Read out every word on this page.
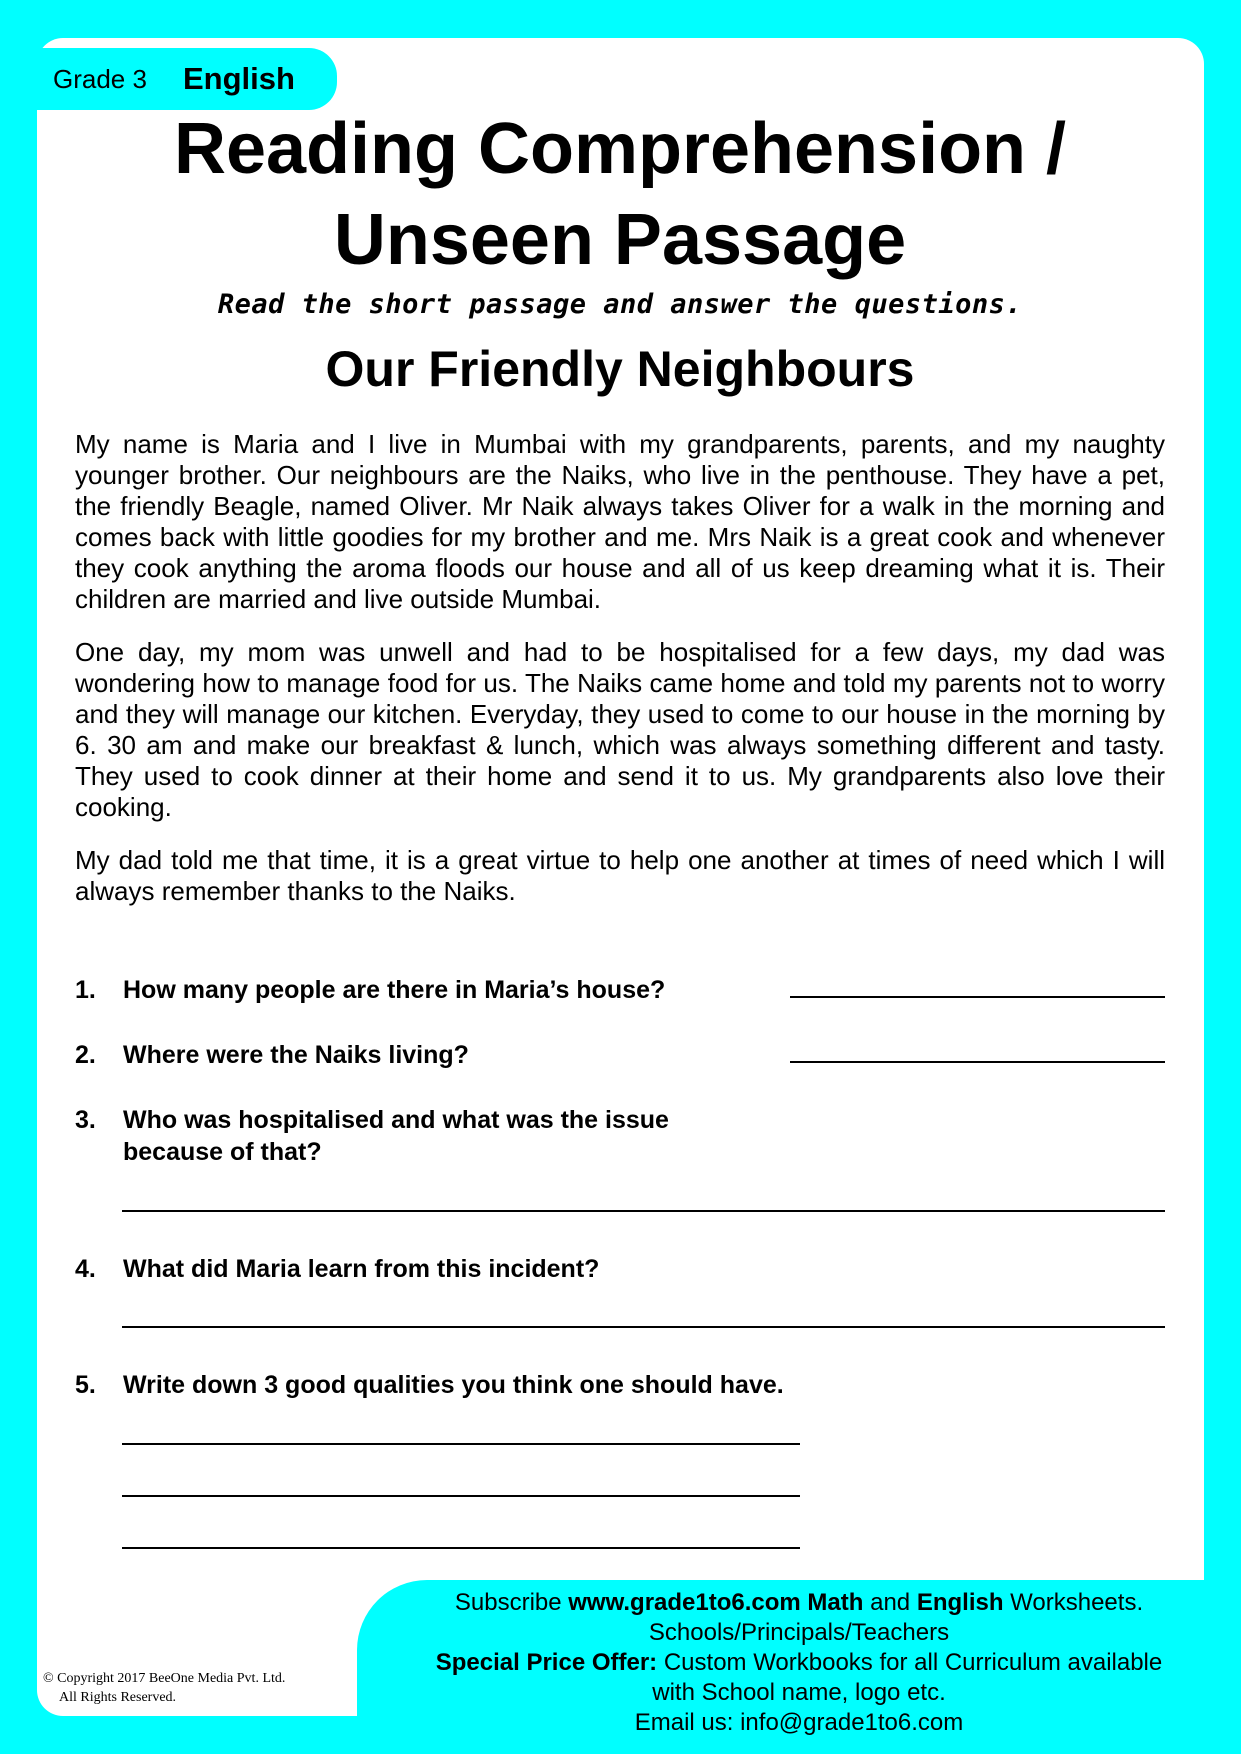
Grade 3 English
Reading Comprehension /
Unseen Passage
Read the short passage and answer the questions.
Our Friendly Neighbours

My name is Maria and I live in Mumbai with my grandparents, parents, and my naughty younger brother. Our neighbours are the Naiks, who live in the penthouse. They have a pet, the friendly Beagle, named Oliver. Mr Naik always takes Oliver for a walk in the morning and comes back with little goodies for my brother and me. Mrs Naik is a great cook and whenever they cook anything the aroma floods our house and all of us keep dreaming what it is. Their children are married and live outside Mumbai.

One day, my mom was unwell and had to be hospitalised for a few days, my dad was wondering how to manage food for us. The Naiks came home and told my parents not to worry and they will manage our kitchen. Everyday, they used to come to our house in the morning by 6. 30 am and make our breakfast & lunch, which was always something different and tasty. They used to cook dinner at their home and send it to us. My grandparents also love their cooking.

My dad told me that time, it is a great virtue to help one another at times of need which I will always remember thanks to the Naiks.

1. How many people are there in Maria’s house?
2. Where were the Naiks living?
3. Who was hospitalised and what was the issue
because of that?
4. What did Maria learn from this incident?
5. Write down 3 good qualities you think one should have.
Subscribe www.grade1to6.com Math and English Worksheets.
Schools/Principals/Teachers
Special Price Offer: Custom Workbooks for all Curriculum available
with School name, logo etc.
Email us: info@grade1to6.com
© Copyright 2017 BeeOne Media Pvt. Ltd.
All Rights Reserved.
